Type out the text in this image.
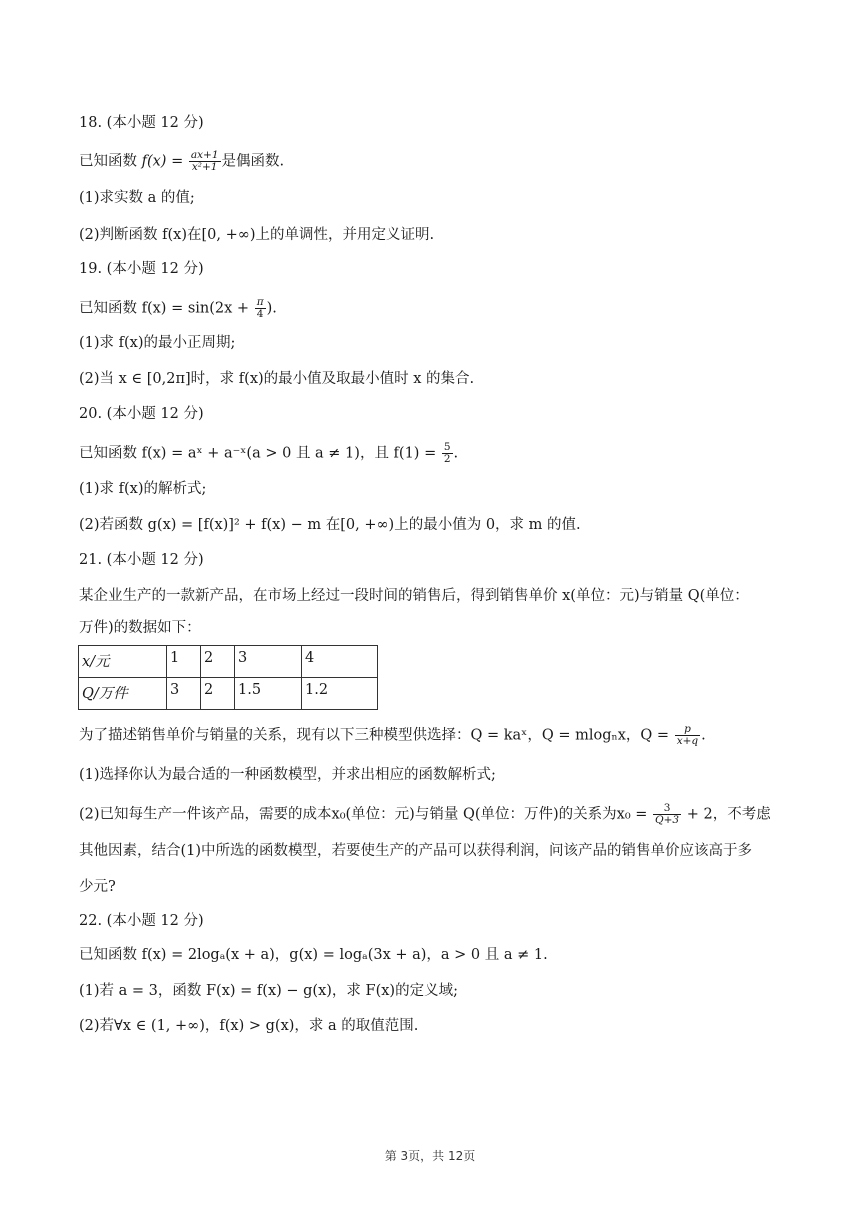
18. (本小题 12 分)
已知函数 $f(x) = \frac{ax+1}{\text{x²+1}}$ 是偶函数.
(1)求实数 a 的值;
(2)判断函数 f(x)在[0, +∞)上的单调性，并用定义证明.
19. (本小题 12 分)
已知函数 $f(x) = \sin(2x + \frac{\pi}{4}$ ).
(1)求 f(x)的最小正周期;
(2)当 x ∈ [0,2π]时，求 f(x)的最小值及取最小值时 x 的集合.
20. (本小题 12 分)
已知函数 f(x) = aˣ + a⁻ˣ(a > 0 且 a ≠ 1)，且 $f(1) = \frac{5}{2}$ .
(1)求 f(x)的解析式;
(2)若函数 g(x) = [f(x)]² + f(x) − m 在[0, +∞)上的最小值为 0，求 m 的值.
21. (本小题 12 分)
某企业生产的一款新产品，在市场上经过一段时间的销售后，得到销售单价 x(单位：元)与销量 Q(单位：
万件)的数据如下：
x/元	1	2	3	4
Q/万件	3	2	1.5	1.2
为了描述销售单价与销量的关系，现有以下三种模型供选择：Q = kaˣ，Q = mlogₙx，$Q = \frac{p}{x+q}$ .
(1)选择你认为最合适的一种函数模型，并求出相应的函数解析式;
(2)已知每生产一件该产品，需要的成本x₀(单位：元)与销量 Q(单位：万件)的关系为$x_0 = \frac{3}{Q+3} + 2$，不考虑
其他因素，结合(1)中所选的函数模型，若要使生产的产品可以获得利润，问该产品的销售单价应该高于多
少元?
22. (本小题 12 分)
已知函数 f(x) = 2logₐ(x + a)，g(x) = logₐ(3x + a)，a > 0 且 a ≠ 1.
(1)若 a = 3，函数 F(x) = f(x) − g(x)，求 F(x)的定义域;
(2)若∀x ∈ (1, +∞)，f(x) > g(x)，求 a 的取值范围.
第 3页，共 12页
